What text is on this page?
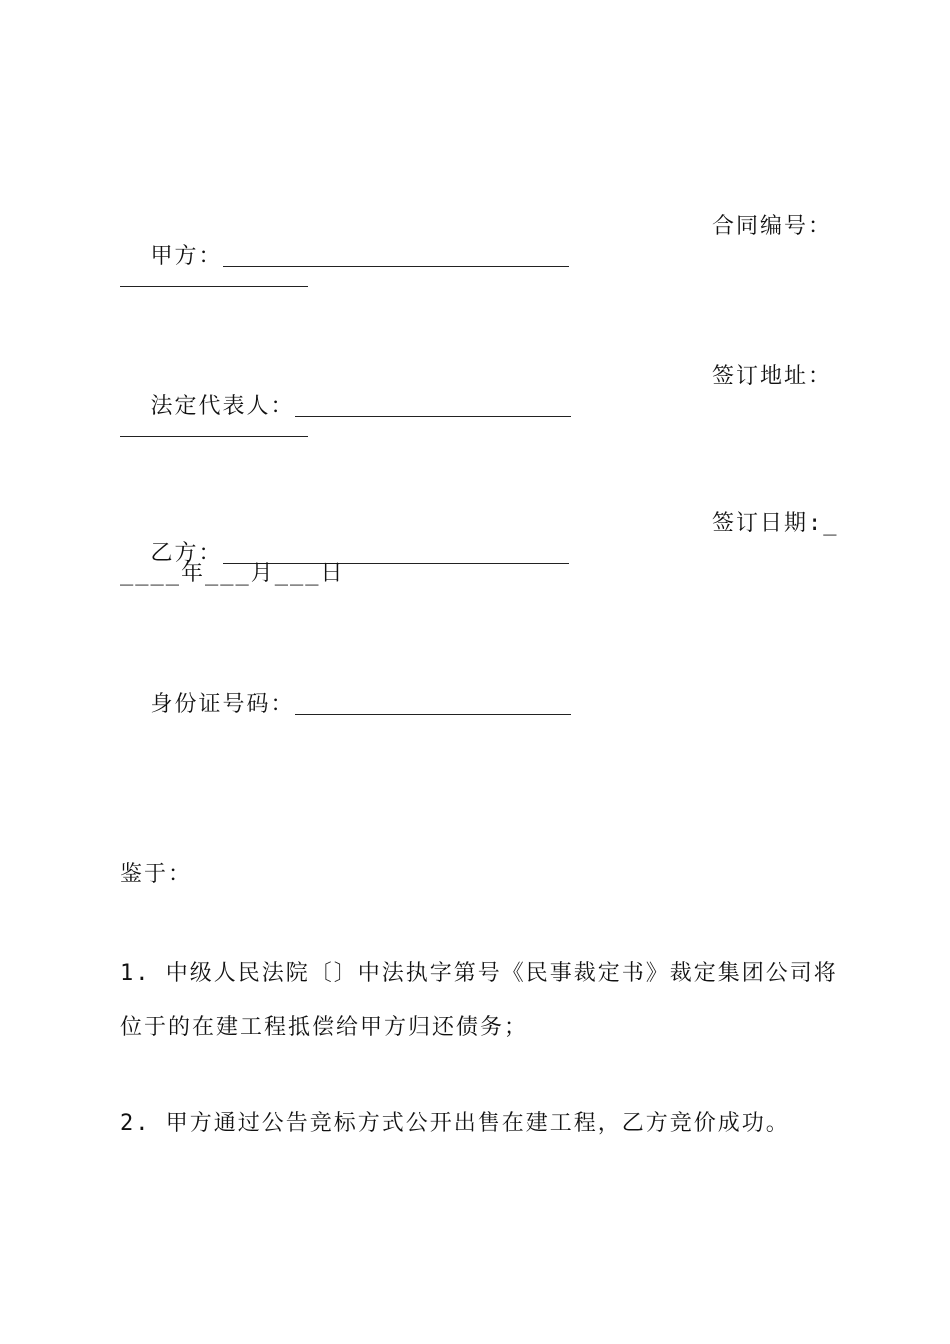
甲方：

合同编号：

法定代表人：

签订地址：

乙方：

签订日期:_
____年___月___日

身份证号码：

鉴于：
1. 中级人民法院〔〕中法执字第号《民事裁定书》裁定集团公司将位于的在建工程抵偿给甲方归还债务；
2. 甲方通过公告竞标方式公开出售在建工程，乙方竞价成功。
